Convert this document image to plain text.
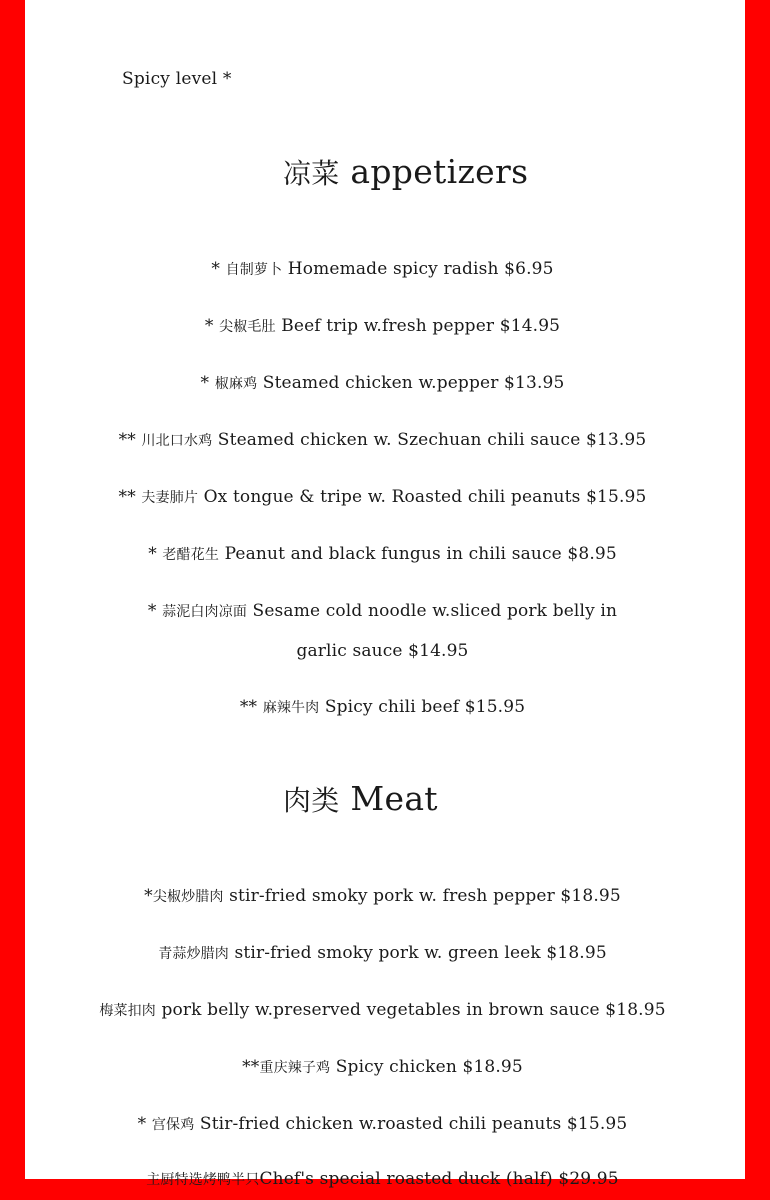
Spicy level *
凉菜 appetizers
* 自制萝卜 Homemade spicy radish $6.95
* 尖椒毛肚 Beef trip w.fresh pepper $14.95
* 椒麻鸡 Steamed chicken w.pepper $13.95
** 川北口水鸡 Steamed chicken w. Szechuan chili sauce $13.95
** 夫妻肺片 Ox tongue & tripe w. Roasted chili peanuts $15.95
* 老醋花生 Peanut and black fungus in chili sauce $8.95
* 蒜泥白肉凉面 Sesame cold noodle w.sliced pork belly in garlic sauce $14.95
** 麻辣牛肉 Spicy chili beef $15.95
肉类 Meat
*尖椒炒腊肉 stir-fried smoky pork w. fresh pepper $18.95
青蒜炒腊肉 stir-fried smoky pork w. green leek $18.95
梅菜扣肉 pork belly w.preserved vegetables in brown sauce $18.95
**重庆辣子鸡 Spicy chicken $18.95
* 宫保鸡 Stir-fried chicken w.roasted chili peanuts $15.95
主厨特选烤鸭半只Chef's special roasted duck (half) $29.95
